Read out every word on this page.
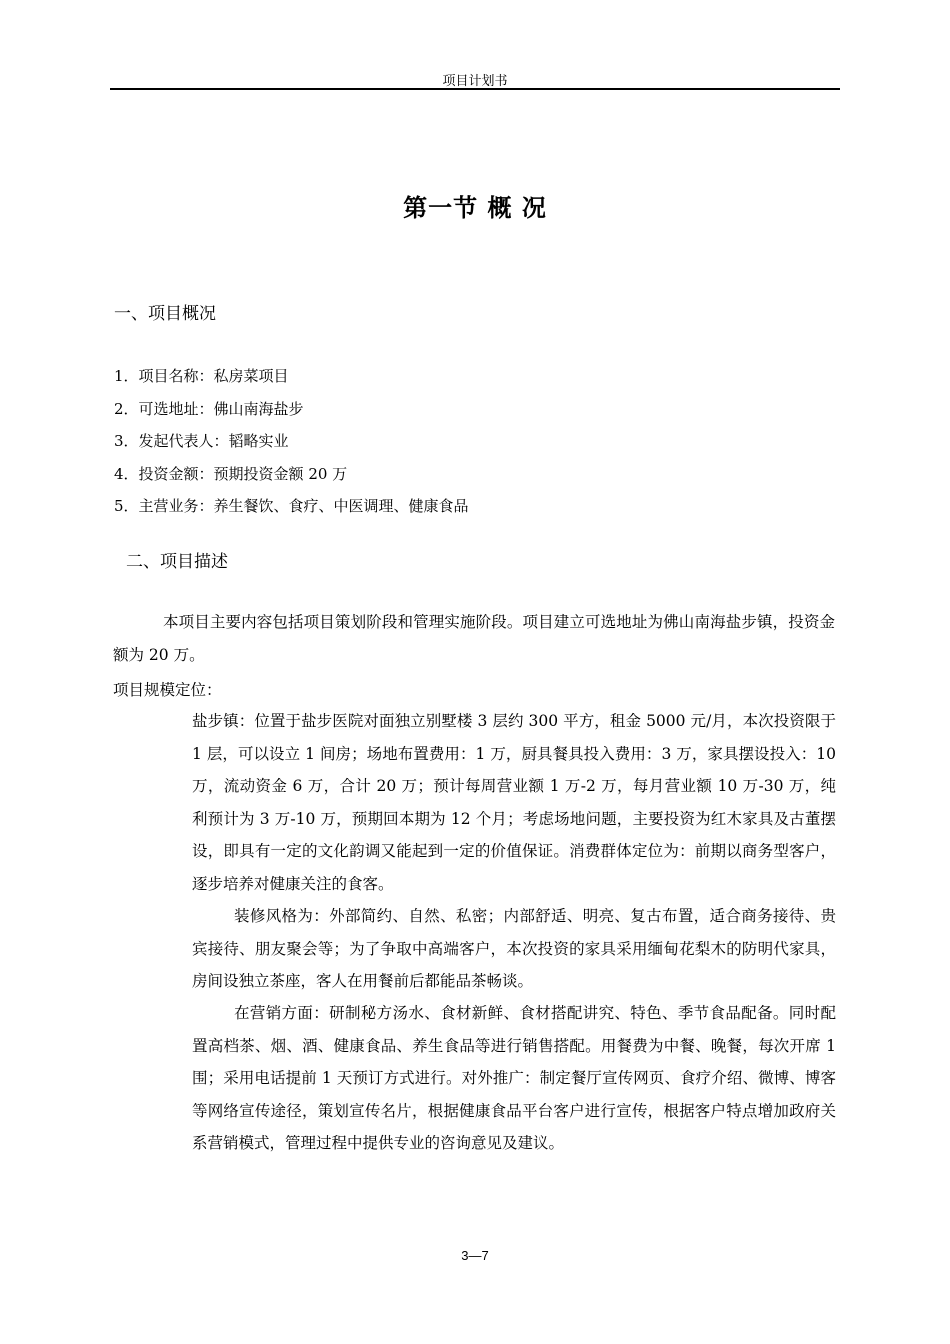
项目计划书
第一节 概 况
一、项目概况
1．项目名称：私房菜项目
2．可选地址：佛山南海盐步
3．发起代表人：韬略实业
4．投资金额：预期投资金额 20 万
5．主营业务：养生餐饮、食疗、中医调理、健康食品
二、项目描述

本项目主要内容包括项目策划阶段和管理实施阶段。项目建立可选地址为佛山南海盐步镇，投资金额为 20 万。

项目规模定位：

盐步镇：位置于盐步医院对面独立别墅楼 3 层约 300 平方，租金 5000 元/月，本次投资限于 1 层，可以设立 1 间房；场地布置费用：1 万，厨具餐具投入费用：3 万，家具摆设投入：10 万，流动资金 6 万，合计 20 万；预计每周营业额 1 万-2 万，每月营业额 10 万-30 万，纯利预计为 3 万-10 万，预期回本期为 12 个月；考虑场地问题，主要投资为红木家具及古董摆设，即具有一定的文化韵调又能起到一定的价值保证。消费群体定位为：前期以商务型客户，逐步培养对健康关注的食客。

装修风格为：外部简约、自然、私密；内部舒适、明亮、复古布置，适合商务接待、贵宾接待、朋友聚会等；为了争取中高端客户，本次投资的家具采用缅甸花梨木的防明代家具，房间设独立茶座，客人在用餐前后都能品茶畅谈。

在营销方面：研制秘方汤水、食材新鲜、食材搭配讲究、特色、季节食品配备。同时配置高档茶、烟、酒、健康食品、养生食品等进行销售搭配。用餐费为中餐、晚餐，每次开席 1 围；采用电话提前 1 天预订方式进行。对外推广：制定餐厅宣传网页、食疗介绍、微博、博客等网络宣传途径，策划宣传名片，根据健康食品平台客户进行宣传，根据客户特点增加政府关系营销模式，管理过程中提供专业的咨询意见及建议。

3—7
